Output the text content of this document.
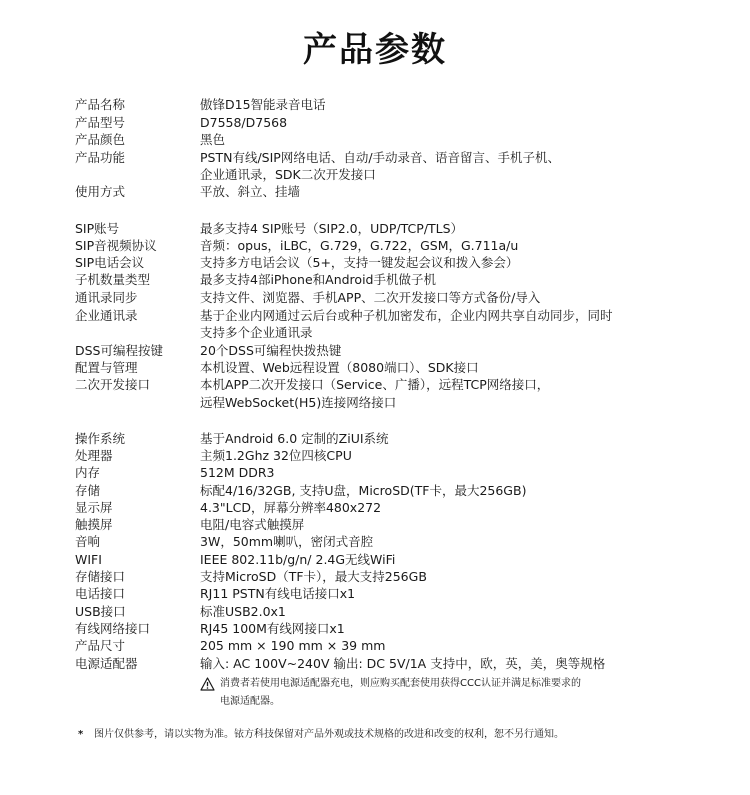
产品参数
产品名称	傲锋D15智能录音电话
产品型号	D7558/D7568
产品颜色	黑色
产品功能	PSTN有线/SIP网络电话、自动/手动录音、语音留言、手机子机、
企业通讯录，SDK二次开发接口
使用方式	平放、斜立、挂墙
SIP账号	最多支持4 SIP账号（SIP2.0，UDP/TCP/TLS）
SIP音视频协议	音频：opus，iLBC，G.729，G.722，GSM，G.711a/u
SIP电话会议	支持多方电话会议（5+，支持一键发起会议和拨入参会）
子机数量类型	最多支持4部iPhone和Android手机做子机
通讯录同步	支持文件、浏览器、手机APP、二次开发接口等方式备份/导入
企业通讯录	基于企业内网通过云后台或种子机加密发布，企业内网共享自动同步，同时
支持多个企业通讯录
DSS可编程按键	20个DSS可编程快拨热键
配置与管理	本机设置、Web远程设置（8080端口）、SDK接口
二次开发接口	本机APP二次开发接口（Service、广播），远程TCP网络接口，
远程WebSocket(H5)连接网络接口
操作系统	基于Android 6.0 定制的ZiUI系统
处理器	主频1.2Ghz 32位四核CPU
内存	512M DDR3
存储	标配4/16/32GB, 支持U盘，MicroSD(TF卡，最大256GB)
显示屏	4.3"LCD，屏幕分辨率480x272
触摸屏	电阻/电容式触摸屏
音响	3W，50mm喇叭，密闭式音腔
WIFI	IEEE 802.11b/g/n/ 2.4G无线WiFi
存储接口	支持MicroSD（TF卡），最大支持256GB
电话接口	RJ11 PSTN有线电话接口x1
USB接口	标准USB2.0x1
有线网络接口	RJ45 100M有线网接口x1
产品尺寸	205 mm × 190 mm × 39 mm
电源适配器	输入: AC 100V~240V 输出: DC 5V/1A 支持中，欧，英，美，奥等规格
消费者若使用电源适配器充电，则应购买配套使用获得CCC认证并满足标准要求的
电源适配器。
* 图片仅供参考，请以实物为准。铱方科技保留对产品外观或技术规格的改进和改变的权利，恕不另行通知。
